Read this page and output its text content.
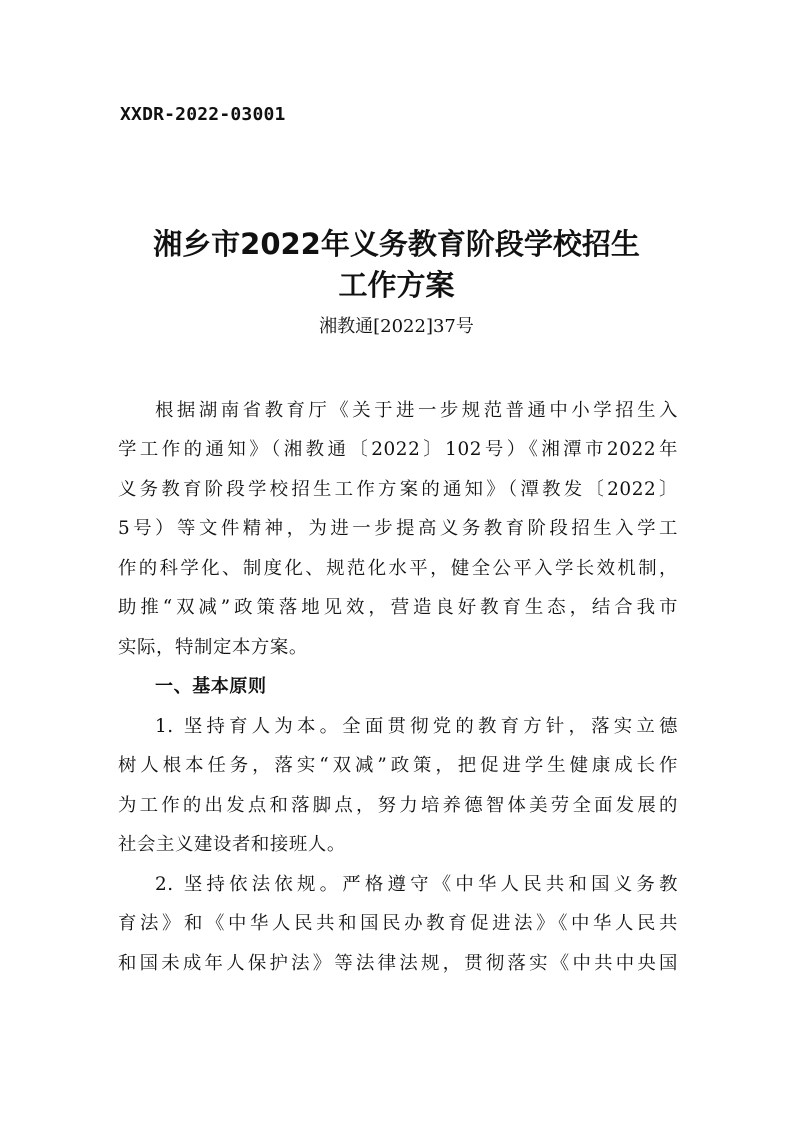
XXDR-2022-03001
湘乡市2022年义务教育阶段学校招生
工作方案
湘教通[2022]37号
根据湖南省教育厅《关于进一步规范普通中小学招生入
学工作的通知》（湘教通〔2022〕102号）《湘潭市2022年
义务教育阶段学校招生工作方案的通知》（潭教发〔2022〕
5号）等文件精神，为进一步提高义务教育阶段招生入学工
作的科学化、制度化、规范化水平，健全公平入学长效机制，
助推“双减”政策落地见效，营造良好教育生态，结合我市
实际，特制定本方案。
一、基本原则
1. 坚持育人为本。全面贯彻党的教育方针，落实立德
树人根本任务，落实“双减”政策，把促进学生健康成长作
为工作的出发点和落脚点，努力培养德智体美劳全面发展的
社会主义建设者和接班人。
2. 坚持依法依规。严格遵守《中华人民共和国义务教
育法》和《中华人民共和国民办教育促进法》《中华人民共
和国未成年人保护法》等法律法规，贯彻落实《中共中央国
